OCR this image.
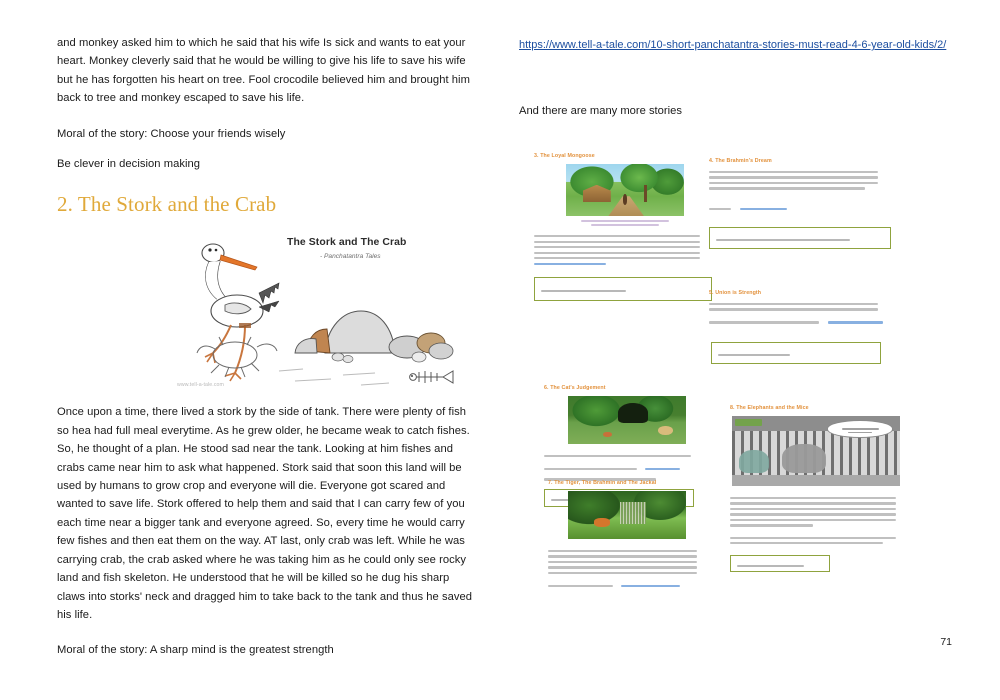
and monkey asked him to which he said that his wife Is sick and wants to eat your heart. Monkey cleverly said that he would be willing to give his life to save his wife but he has forgotten his heart on tree. Fool crocodile believed him and brought him back to tree and monkey escaped to save his life.

Moral of the story: Choose your friends wisely

Be clever in decision making

2. The Stork and the Crab
The Stork and The Crab
- Panchatantra Tales
www.tell-a-tale.com

Once upon a time, there lived a stork by the side of tank. There were plenty of fish so hea had full meal everytime. As he grew older, he became weak to catch fishes. So, he thought of a plan. He stood sad near the tank. Looking at him fishes and crabs came near him to ask what happened. Stork said that soon this land will be used by humans to grow crop and everyone will die. Everyone got scared and wanted to save life. Stork offered to help them and said that I can carry few of you each time near a bigger tank and everyone agreed. So, every time he would carry few fishes and then eat them on the way. AT last, only crab was left. While he was carrying crab, the crab asked where he was taking him as he could only see rocky land and fish skeleton. He understood that he will be killed so he dug his sharp claws into storks' neck and dragged him to take back to the tank and thus he saved his life.

Moral of the story: A sharp mind is the greatest strength

https://www.tell-a-tale.com/10-short-panchatantra-stories-must-read-4-6-year-old-kids/2/

And there are many more stories

3. The Loyal Mongoose
4. The Brahmin's Dream

5. Union is Strength

6. The Cat's Judgement

7. The Tiger, The Brahmin and The Jackal

8. The Elephants and the Mice
71
